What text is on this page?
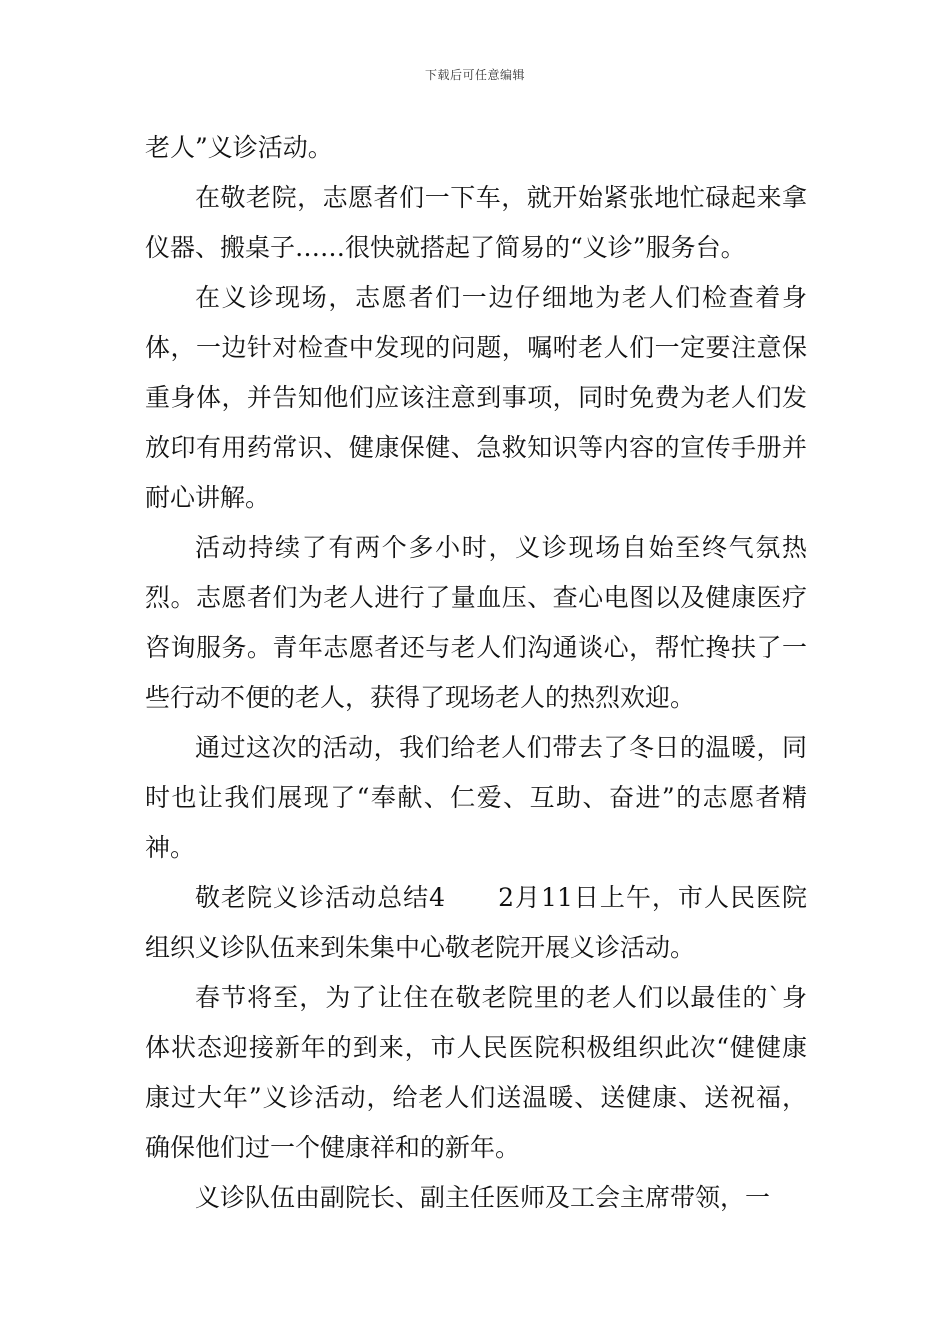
下载后可任意编辑

老人”义诊活动。

在敬老院，志愿者们一下车，就开始紧张地忙碌起来拿仪器、搬桌子……很快就搭起了简易的“义诊”服务台。

在义诊现场，志愿者们一边仔细地为老人们检查着身体，一边针对检查中发现的问题，嘱咐老人们一定要注意保重身体，并告知他们应该注意到事项，同时免费为老人们发放印有用药常识、健康保健、急救知识等内容的宣传手册并耐心讲解。

活动持续了有两个多小时，义诊现场自始至终气氛热烈。志愿者们为老人进行了量血压、查心电图以及健康医疗咨询服务。青年志愿者还与老人们沟通谈心，帮忙搀扶了一些行动不便的老人，获得了现场老人的热烈欢迎。

通过这次的活动，我们给老人们带去了冬日的温暖，同时也让我们展现了“奉献、仁爱、互助、奋进”的志愿者精神。

敬老院义诊活动总结4　　2月11日上午，市人民医院组织义诊队伍来到朱集中心敬老院开展义诊活动。

春节将至，为了让住在敬老院里的老人们以最佳的`身体状态迎接新年的到来，市人民医院积极组织此次“健健康康过大年”义诊活动，给老人们送温暖、送健康、送祝福，确保他们过一个健康祥和的新年。

义诊队伍由副院长、副主任医师及工会主席带领，一
